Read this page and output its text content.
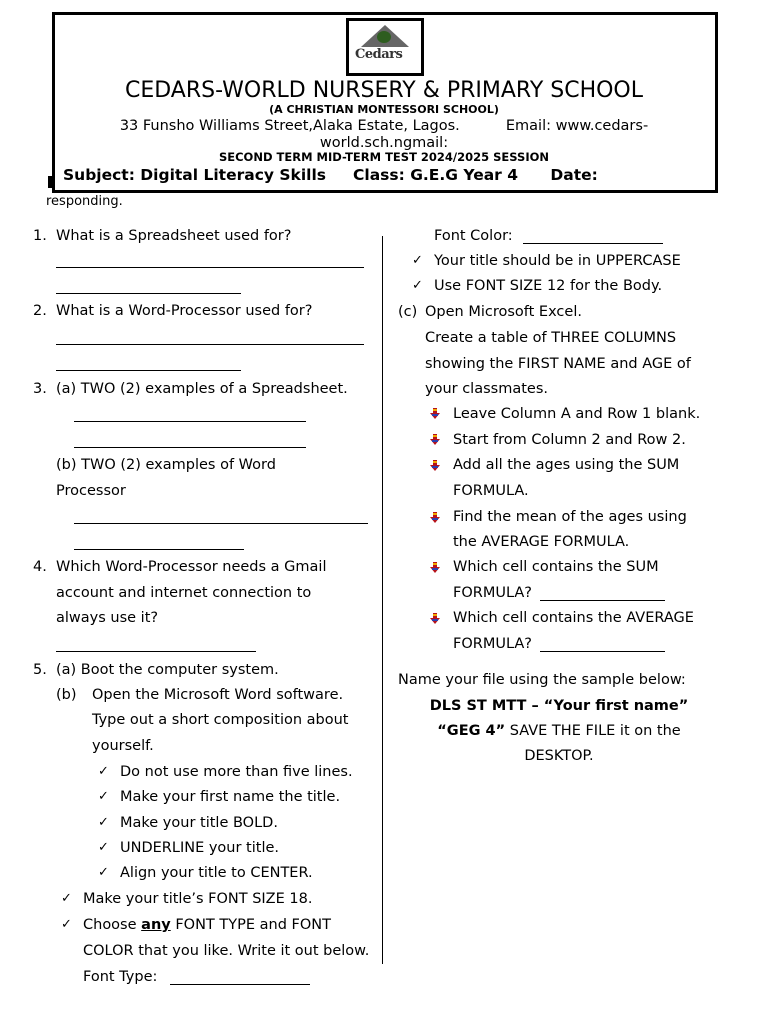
Cedars
CEDARS-WORLD NURSERY & PRIMARY SCHOOL
(A CHRISTIAN MONTESSORI SCHOOL)
33 Funsho Williams Street,Alaka Estate, Lagos.          Email: www.cedars-
world.sch.ngmail:
SECOND TERM MID-TERM TEST 2024/2025 SESSION
Subject: Digital Literacy Skills Class: G.E.G Year 4 Date:
responding.
1. What is a Spreadsheet used for?
2. What is a Word-Processor used for?
3. (a) TWO (2) examples of a Spreadsheet.
(b) TWO (2) examples of Word
Processor
4. Which Word-Processor needs a Gmail
account and internet connection to
always use it?
5. (a) Boot the computer system.
(b) Open the Microsoft Word software.
Type out a short composition about
yourself.
✓ Do not use more than five lines.
✓ Make your first name the title.
✓ Make your title BOLD.
✓ UNDERLINE your title.
✓ Align your title to CENTER.
✓ Make your title’s FONT SIZE 18.
✓ Choose any FONT TYPE and FONT
COLOR that you like. Write it out below.
Font Type:
Font Color:
✓ Your title should be in UPPERCASE
✓ Use FONT SIZE 12 for the Body.
(c) Open Microsoft Excel.
Create a table of THREE COLUMNS
showing the FIRST NAME and AGE of
your classmates.
Leave Column A and Row 1 blank.
Start from Column 2 and Row 2.
Add all the ages using the SUM
FORMULA.
Find the mean of the ages using
the AVERAGE FORMULA.
Which cell contains the SUM
FORMULA?
Which cell contains the AVERAGE
FORMULA?
Name your file using the sample below:
DLS ST MTT – “Your first name”
“GEG 4” SAVE THE FILE it on the
DESKTOP.
